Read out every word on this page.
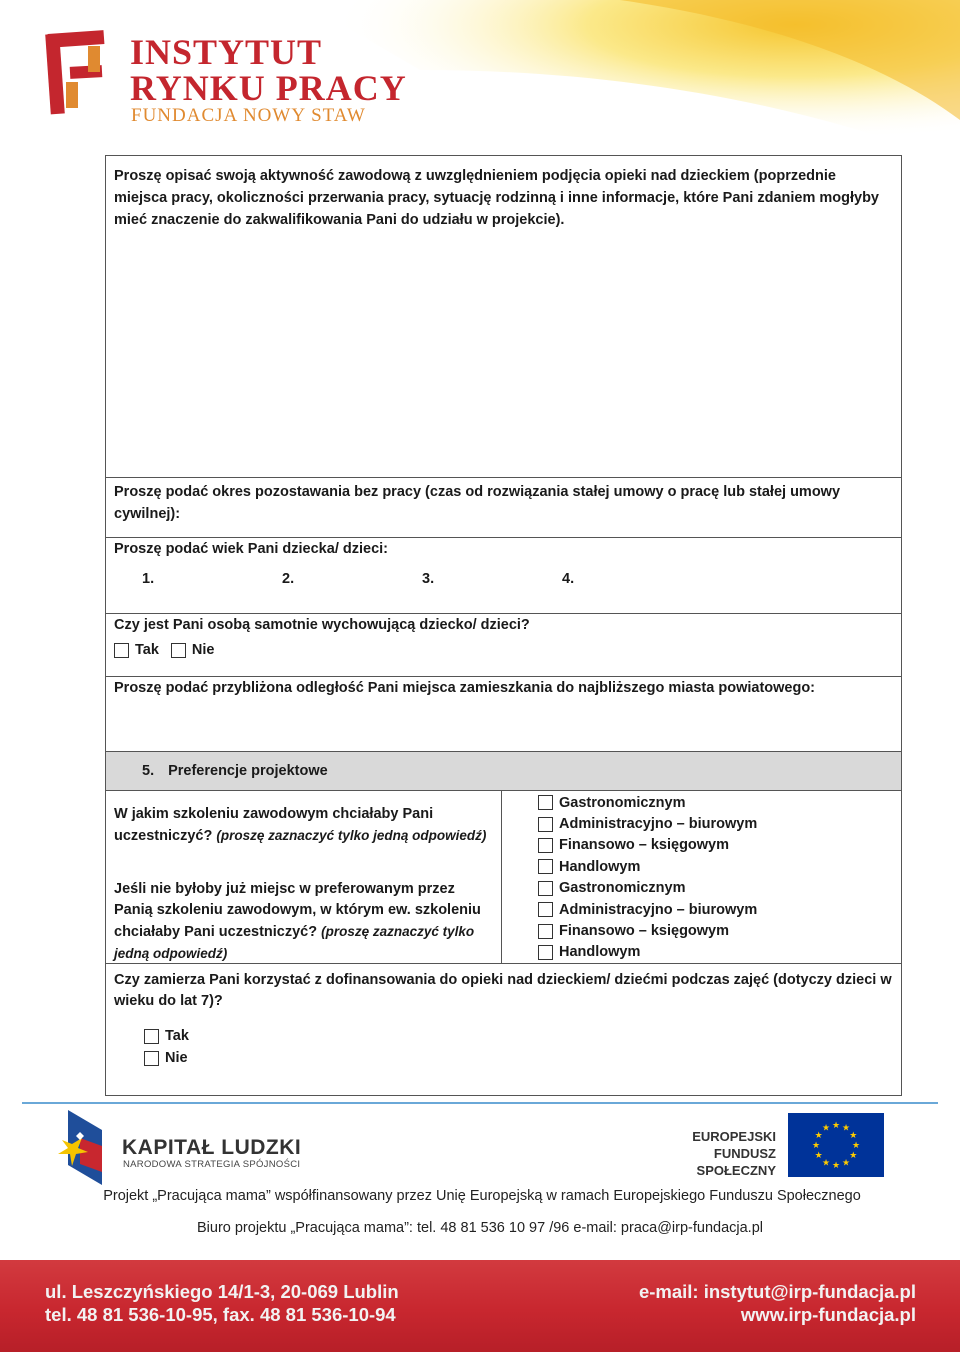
INSTYTUT
RYNKU PRACY
FUNDACJA NOWY STAW
Proszę opisać swoją aktywność zawodową z uwzględnieniem podjęcia opieki nad dzieckiem (poprzednie miejsca pracy, okoliczności przerwania pracy, sytuację rodzinną i inne informacje, które Pani zdaniem mogłyby mieć znaczenie do zakwalifikowania Pani do udziału w projekcie).
Proszę podać okres pozostawania bez pracy (czas od rozwiązania stałej umowy o pracę lub stałej umowy cywilnej):
Proszę podać wiek Pani dziecka/ dzieci:
1.	2.	3.	4.
Czy jest Pani osobą samotnie wychowującą dziecko/ dzieci?
Tak Nie
Proszę podać przybliżona odległość Pani miejsca zamieszkania do najbliższego miasta powiatowego:
5. Preferencje projektowe
W jakim szkoleniu zawodowym chciałaby Pani uczestniczyć? (proszę zaznaczyć tylko jedną odpowiedź)
Jeśli nie byłoby już miejsc w preferowanym przez Panią szkoleniu zawodowym, w którym ew. szkoleniu chciałaby Pani uczestniczyć? (proszę zaznaczyć tylko jedną odpowiedź)
Gastronomicznym
Administracyjno – biurowym
Finansowo – księgowym
Handlowym
Gastronomicznym
Administracyjno – biurowym
Finansowo – księgowym
Handlowym
Czy zamierza Pani korzystać z dofinansowania do opieki nad dzieckiem/ dziećmi podczas zajęć (dotyczy dzieci w wieku do lat 7)?
Tak
Nie
KAPITAŁ LUDZKI
NARODOWA STRATEGIA SPÓJNOŚCI
EUROPEJSKI
FUNDUSZ SPOŁECZNY
★
★
★
★
★
★
★
★
★ ★ ★
★
Projekt „Pracująca mama” współfinansowany przez Unię Europejską w ramach Europejskiego Funduszu Społecznego
Biuro projektu „Pracująca mama”: tel. 48 81 536 10 97 /96 e-mail: praca@irp-fundacja.pl
ul. Leszczyńskiego 14/1-3, 20-069 Lublin
tel. 48 81 536-10-95, fax. 48 81 536-10-94
e-mail: instytut@irp-fundacja.pl
www.irp-fundacja.pl
